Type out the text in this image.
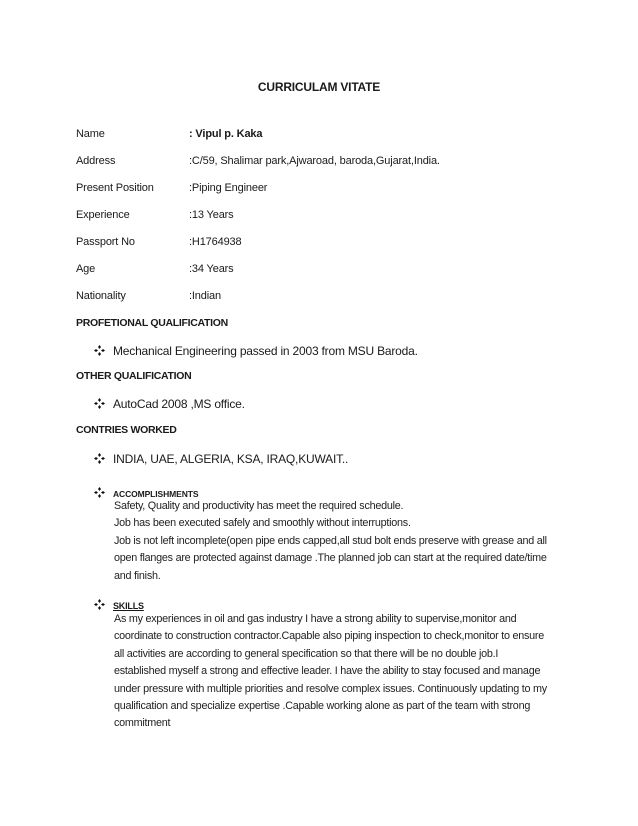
CURRICULAM VITATE
Name	: Vipul p. Kaka
Address	:C/59, Shalimar park,Ajwaroad, baroda,Gujarat,India.
Present Position	:Piping Engineer
Experience	:13 Years
Passport No	:H1764938
Age	:34 Years
Nationality	:Indian
PROFETIONAL QUALIFICATION
Mechanical Engineering passed in 2003 from MSU Baroda.
OTHER QUALIFICATION
AutoCad 2008 ,MS office.
CONTRIES WORKED
INDIA, UAE, ALGERIA, KSA, IRAQ,KUWAIT..
ACCOMPLISHMENTS
Safety, Quality and productivity has meet the required schedule.
Job has been executed safely and smoothly without interruptions.
Job is not left incomplete(open pipe ends capped,all stud bolt ends preserve with grease and all
open flanges are protected against damage .The planned job can start at the required date/time
and finish.
SKILLS
As my experiences in oil and gas industry I have a strong ability to supervise,monitor and
coordinate to construction contractor.Capable also piping inspection to check,monitor to ensure
all activities are according to general specification so that there will be no double job.I
established myself a strong and effective leader. I have the ability to stay focused and manage
under pressure with multiple priorities and resolve complex issues. Continuously updating to my
qualification and specialize expertise .Capable working alone as part of the team with strong
commitment
